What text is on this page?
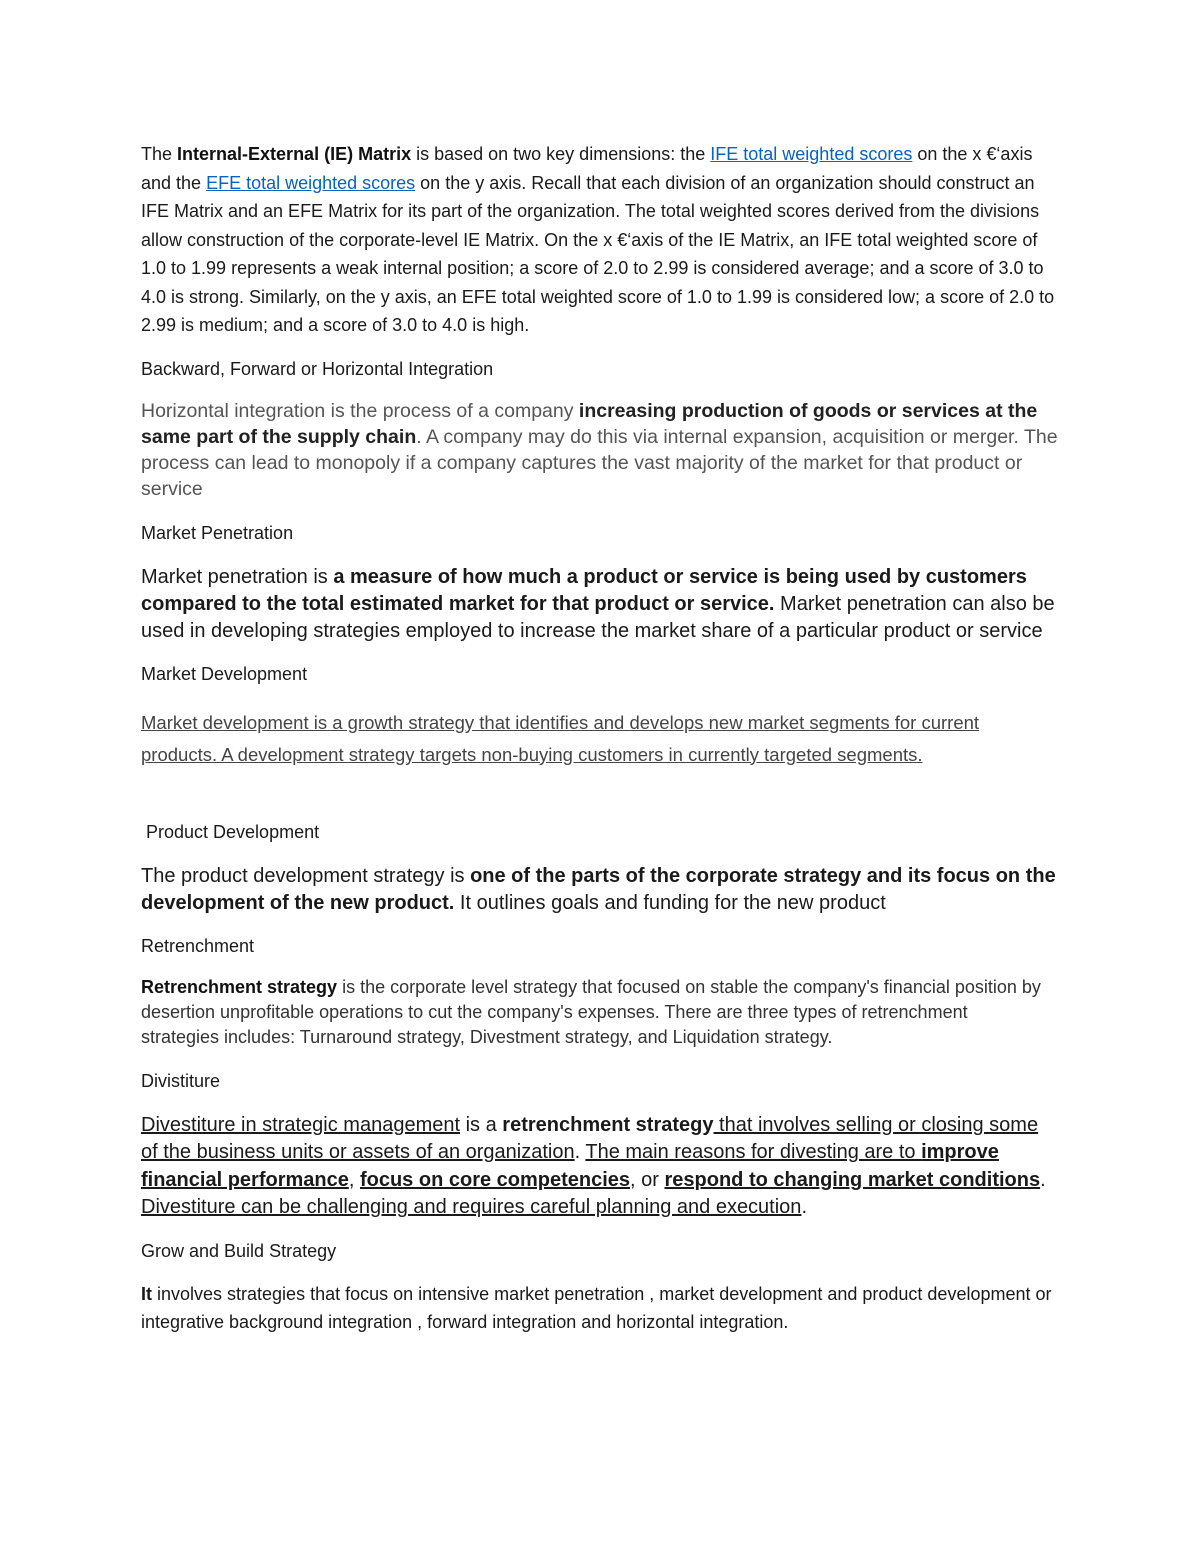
The Internal-External (IE) Matrix is based on two key dimensions: the IFE total weighted scores on the x €‘axis and the EFE total weighted scores on the y axis. Recall that each division of an organization should construct an IFE Matrix and an EFE Matrix for its part of the organization. The total weighted scores derived from the divisions allow construction of the corporate-level IE Matrix. On the x €‘axis of the IE Matrix, an IFE total weighted score of 1.0 to 1.99 represents a weak internal position; a score of 2.0 to 2.99 is considered average; and a score of 3.0 to 4.0 is strong. Similarly, on the y axis, an EFE total weighted score of 1.0 to 1.99 is considered low; a score of 2.0 to 2.99 is medium; and a score of 3.0 to 4.0 is high.

Backward, Forward or Horizontal Integration

Horizontal integration is the process of a company increasing production of goods or services at the same part of the supply chain. A company may do this via internal expansion, acquisition or merger. The process can lead to monopoly if a company captures the vast majority of the market for that product or service

Market Penetration

Market penetration is a measure of how much a product or service is being used by customers compared to the total estimated market for that product or service. Market penetration can also be used in developing strategies employed to increase the market share of a particular product or service

Market Development

Market development is a growth strategy that identifies and develops new market segments for current products. A development strategy targets non-buying customers in currently targeted segments.

Product Development

The product development strategy is one of the parts of the corporate strategy and its focus on the development of the new product. It outlines goals and funding for the new product

Retrenchment

Retrenchment strategy is the corporate level strategy that focused on stable the company's financial position by desertion unprofitable operations to cut the company's expenses. There are three types of retrenchment strategies includes: Turnaround strategy, Divestment strategy, and Liquidation strategy.

Divistiture

Divestiture in strategic management is a retrenchment strategy that involves selling or closing some of the business units or assets of an organization. The main reasons for divesting are to improve financial performance, focus on core competencies, or respond to changing market conditions. Divestiture can be challenging and requires careful planning and execution.

Grow and Build Strategy

It involves strategies that focus on intensive market penetration , market development and product development or integrative background integration , forward integration and horizontal integration.
